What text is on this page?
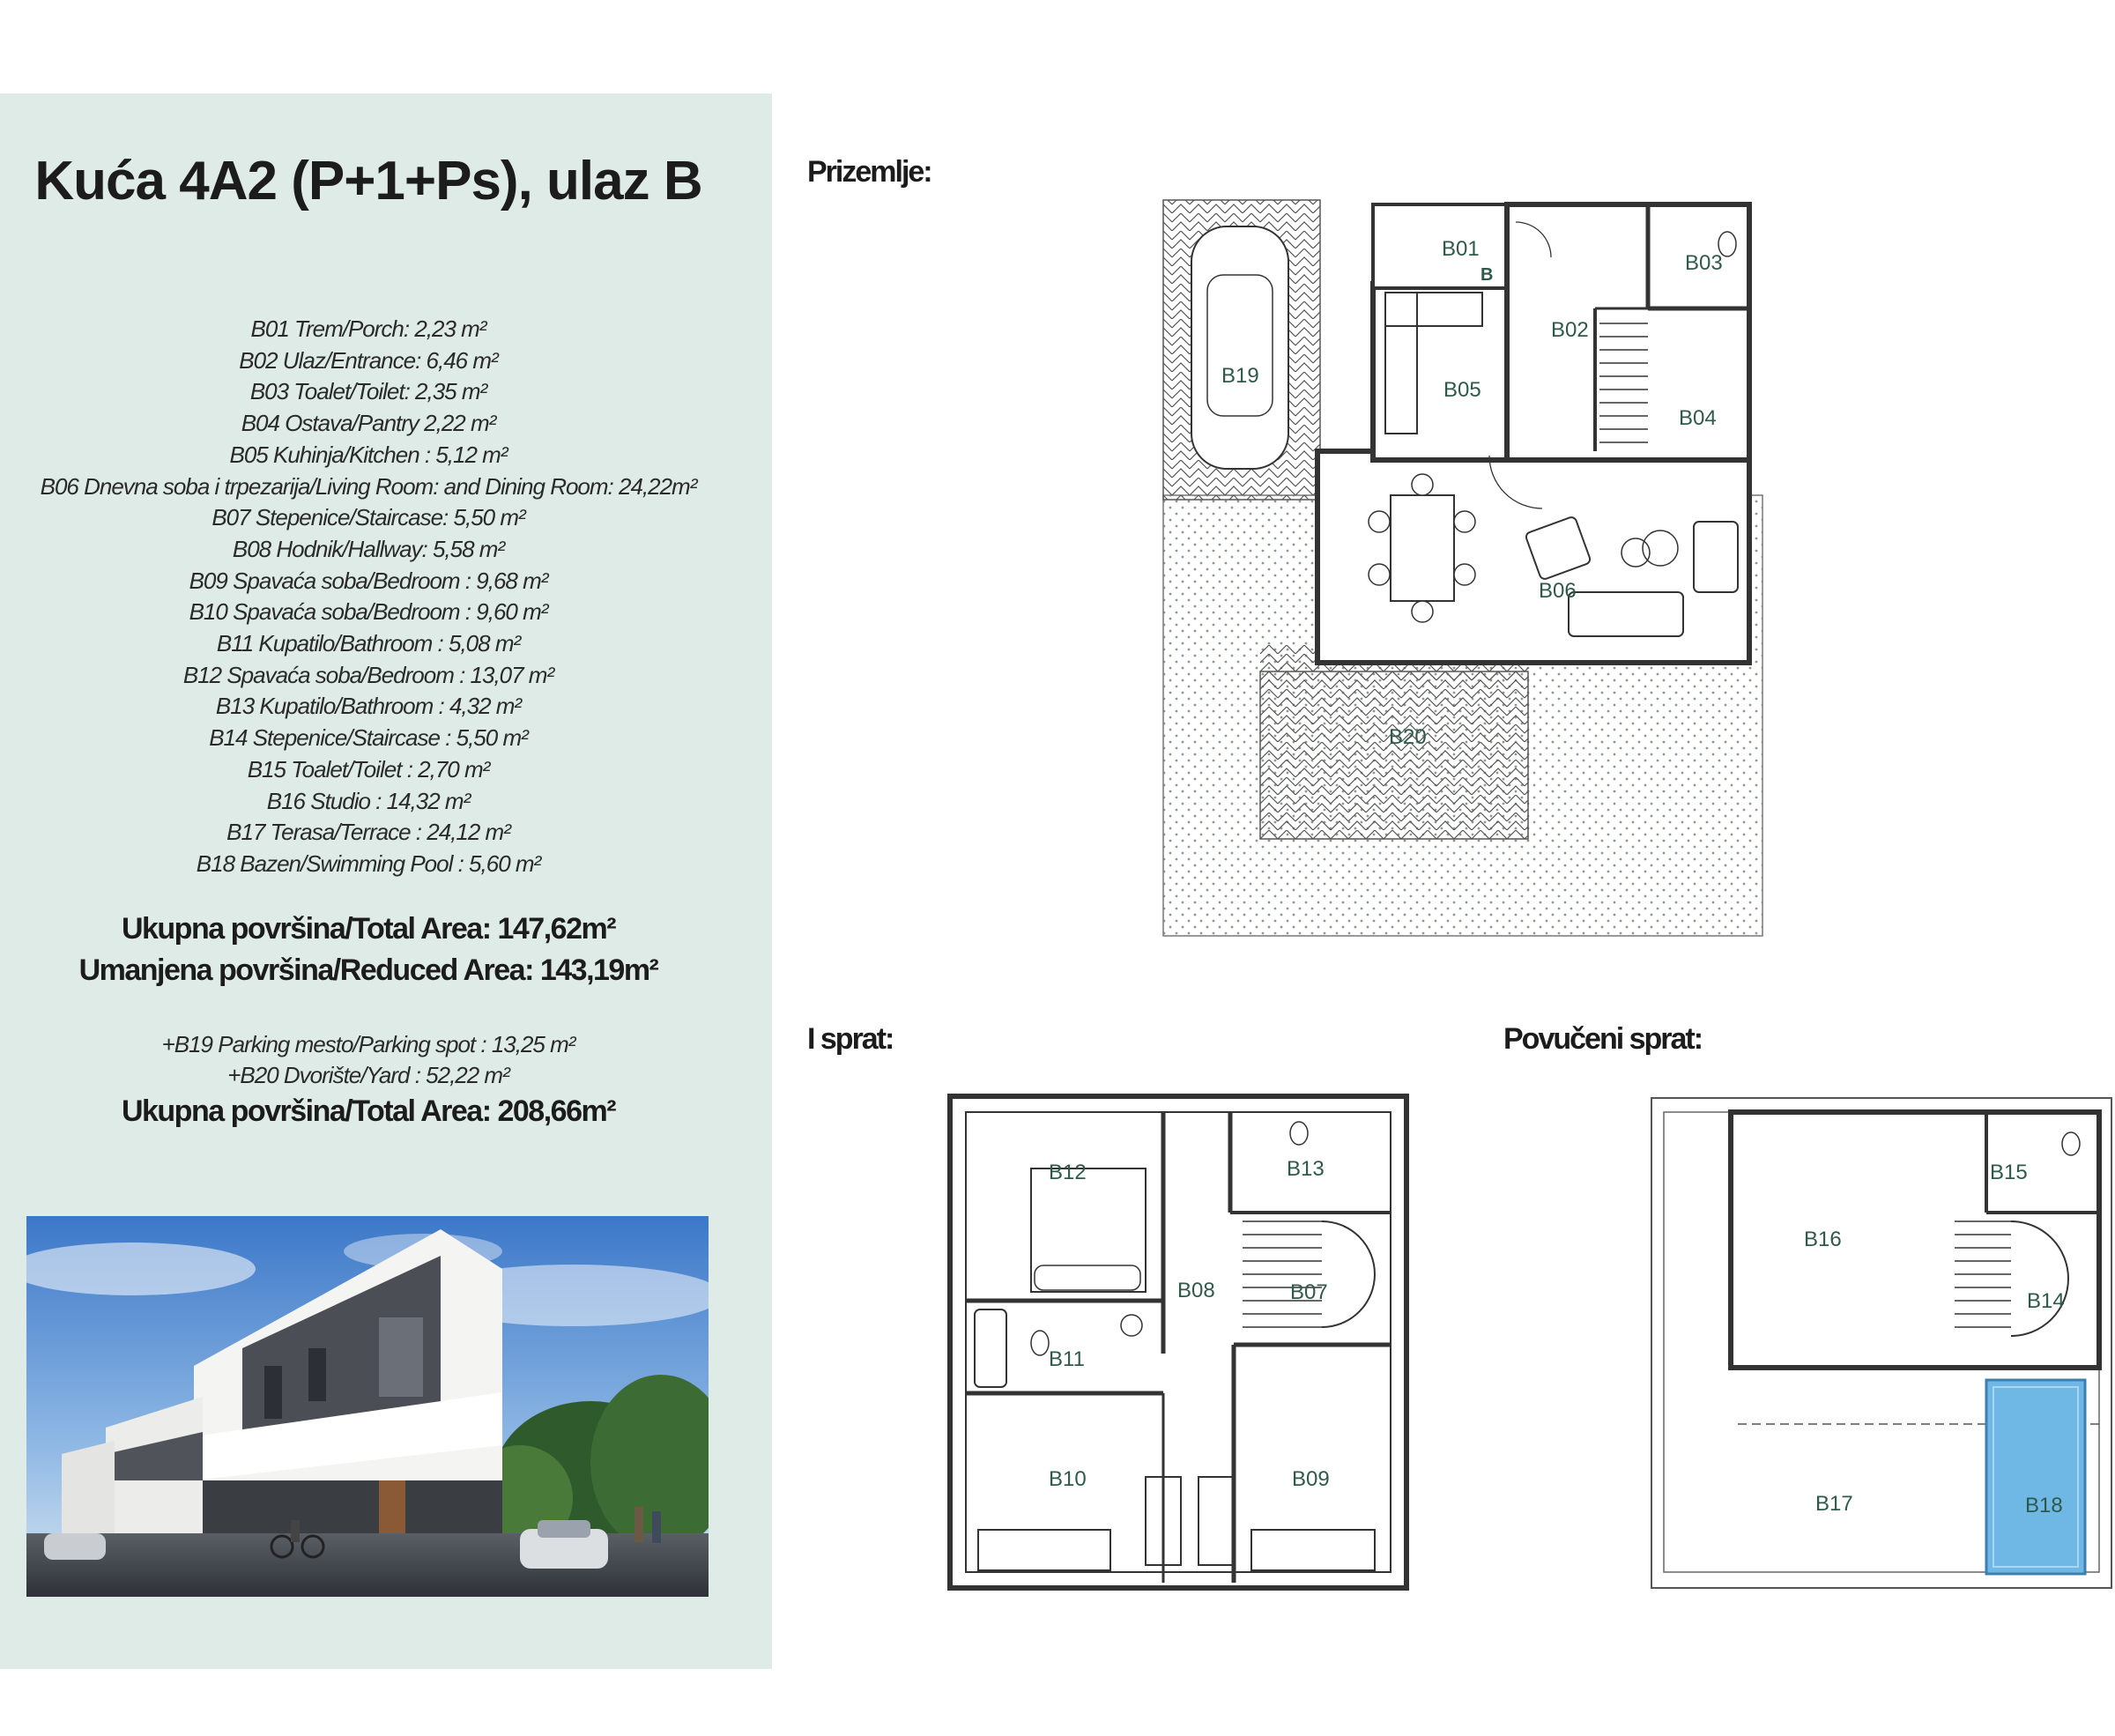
Kuća 4A2 (P+1+Ps), ulaz B
B01 Trem/Porch: 2,23 m²
B02 Ulaz/Entrance: 6,46 m²
B03 Toalet/Toilet: 2,35 m²
B04 Ostava/Pantry 2,22 m²
B05 Kuhinja/Kitchen : 5,12 m²
B06 Dnevna soba i trpezarija/Living Room: and Dining Room: 24,22m²
B07 Stepenice/Staircase: 5,50 m²
B08 Hodnik/Hallway: 5,58 m²
B09 Spavaća soba/Bedroom : 9,68 m²
B10 Spavaća soba/Bedroom : 9,60 m²
B11 Kupatilo/Bathroom : 5,08 m²
B12 Spavaća soba/Bedroom : 13,07 m²
B13 Kupatilo/Bathroom : 4,32 m²
B14 Stepenice/Staircase : 5,50 m²
B15 Toalet/Toilet : 2,70 m²
B16 Studio : 14,32 m²
B17 Terasa/Terrace : 24,12 m²
B18 Bazen/Swimming Pool : 5,60 m²
Ukupna površina/Total Area: 147,62m²
Umanjena površina/Reduced Area: 143,19m²
+B19 Parking mesto/Parking spot : 13,25 m²
+B20 Dvorište/Yard : 52,22 m²
Ukupna površina/Total Area: 208,66m²
Prizemlje:
I sprat:	Povučeni sprat:
B01
B
B02
B03
B04
B05
B06
B19
B20
B12	B13
B08	B07
B11
B10	B09
B16
B15
B14
B17	B18
